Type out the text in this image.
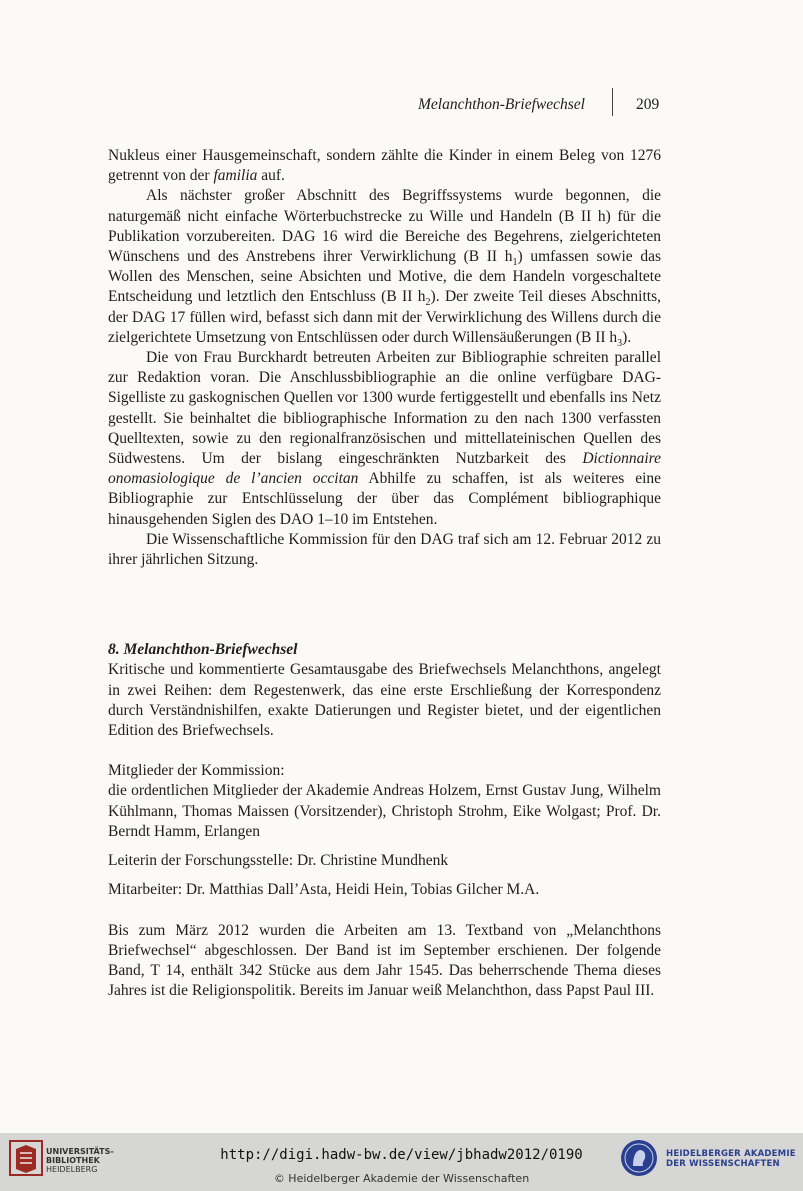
Melanchthon-Briefwechsel	209

Nukleus einer Hausgemeinschaft, sondern zählte die Kinder in einem Beleg von 1276 getrennt von der familia auf.

Als nächster großer Abschnitt des Begriffssystems wurde begonnen, die naturgemäß nicht einfache Wörterbuchstrecke zu Wille und Handeln (B II h) für die Publikation vorzubereiten. DAG 16 wird die Bereiche des Begehrens, zielgerichteten Wünschens und des Anstrebens ihrer Verwirklichung (B II $h_1$) umfassen sowie das Wollen des Menschen, seine Absichten und Motive, die dem Handeln vorgeschaltete Entscheidung und letztlich den Entschluss (B II $h_2$). Der zweite Teil dieses Abschnitts, der DAG 17 füllen wird, befasst sich dann mit der Verwirklichung des Willens durch die zielgerichtete Umsetzung von Entschlüssen oder durch Willensäußerungen (B II $h_3$).

Die von Frau Burckhardt betreuten Arbeiten zur Bibliographie schreiten parallel zur Redaktion voran. Die Anschlussbibliographie an die online verfügbare DAG-Sigelliste zu gaskognischen Quellen vor 1300 wurde fertiggestellt und ebenfalls ins Netz gestellt. Sie beinhaltet die bibliographische Information zu den nach 1300 verfassten Quelltexten, sowie zu den regionalfranzösischen und mittellateinischen Quellen des Südwestens. Um der bislang eingeschränkten Nutzbarkeit des Dictionnaire onomasiologique de l’ancien occitan Abhilfe zu schaffen, ist als weiteres eine Bibliographie zur Entschlüsselung der über das Complément bibliographique hinausgehenden Siglen des DAO 1–10 im Entstehen.

Die Wissenschaftliche Kommission für den DAG traf sich am 12. Februar 2012 zu ihrer jährlichen Sitzung.

8. Melanchthon-Briefwechsel

Kritische und kommentierte Gesamtausgabe des Briefwechsels Melanchthons, angelegt in zwei Reihen: dem Regestenwerk, das eine erste Erschließung der Korrespondenz durch Verständnishilfen, exakte Datierungen und Register bietet, und der eigentlichen Edition des Briefwechsels.

Mitglieder der Kommission:

die ordentlichen Mitglieder der Akademie Andreas Holzem, Ernst Gustav Jung, Wilhelm Kühlmann, Thomas Maissen (Vorsitzender), Christoph Strohm, Eike Wolgast; Prof. Dr. Berndt Hamm, Erlangen

Leiterin der Forschungsstelle: Dr. Christine Mundhenk

Mitarbeiter: Dr. Matthias Dall’Asta, Heidi Hein, Tobias Gilcher M.A.

Bis zum März 2012 wurden die Arbeiten am 13. Textband von „Melanchthons Briefwechsel“ abgeschlossen. Der Band ist im September erschienen. Der folgende Band, T 14, enthält 342 Stücke aus dem Jahr 1545. Das beherrschende Thema dieses Jahres ist die Religionspolitik. Bereits im Januar weiß Melanchthon, dass Papst Paul III.

UNIVERSITÄTS-
BIBLIOTHEK
HEIDELBERG
http://digi.hadw-bw.de/view/jbhadw2012/0190
© Heidelberger Akademie der Wissenschaften
HEIDELBERGER AKADEMIE
DER WISSENSCHAFTEN
